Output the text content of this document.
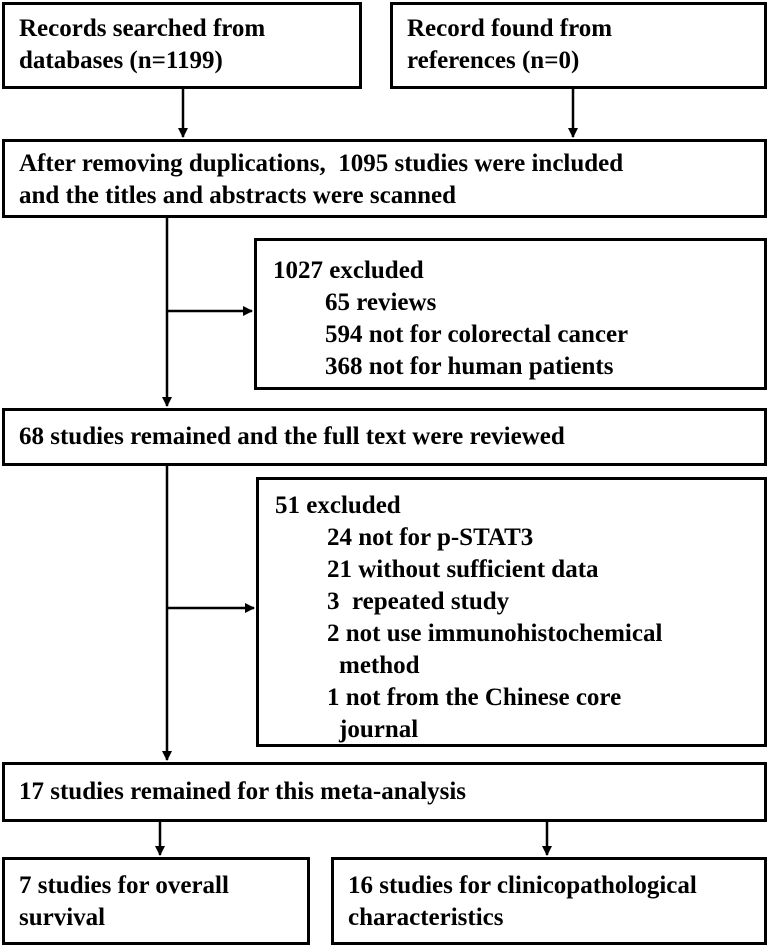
Records searched from
databases (n=1199)
Record found from
references (n=0)
After removing duplications,  1095 studies were included
and the titles and abstracts were scanned
1027 excluded
65 reviews
594 not for colorectal cancer
368 not for human patients
68 studies remained and the full text were reviewed
51 excluded
24 not for p-STAT3
21 without sufficient data
3  repeated study
2 not use immunohistochemical
method
1 not from the Chinese core
journal
17 studies remained for this meta-analysis
7 studies for overall
survival
16 studies for clinicopathological
characteristics
